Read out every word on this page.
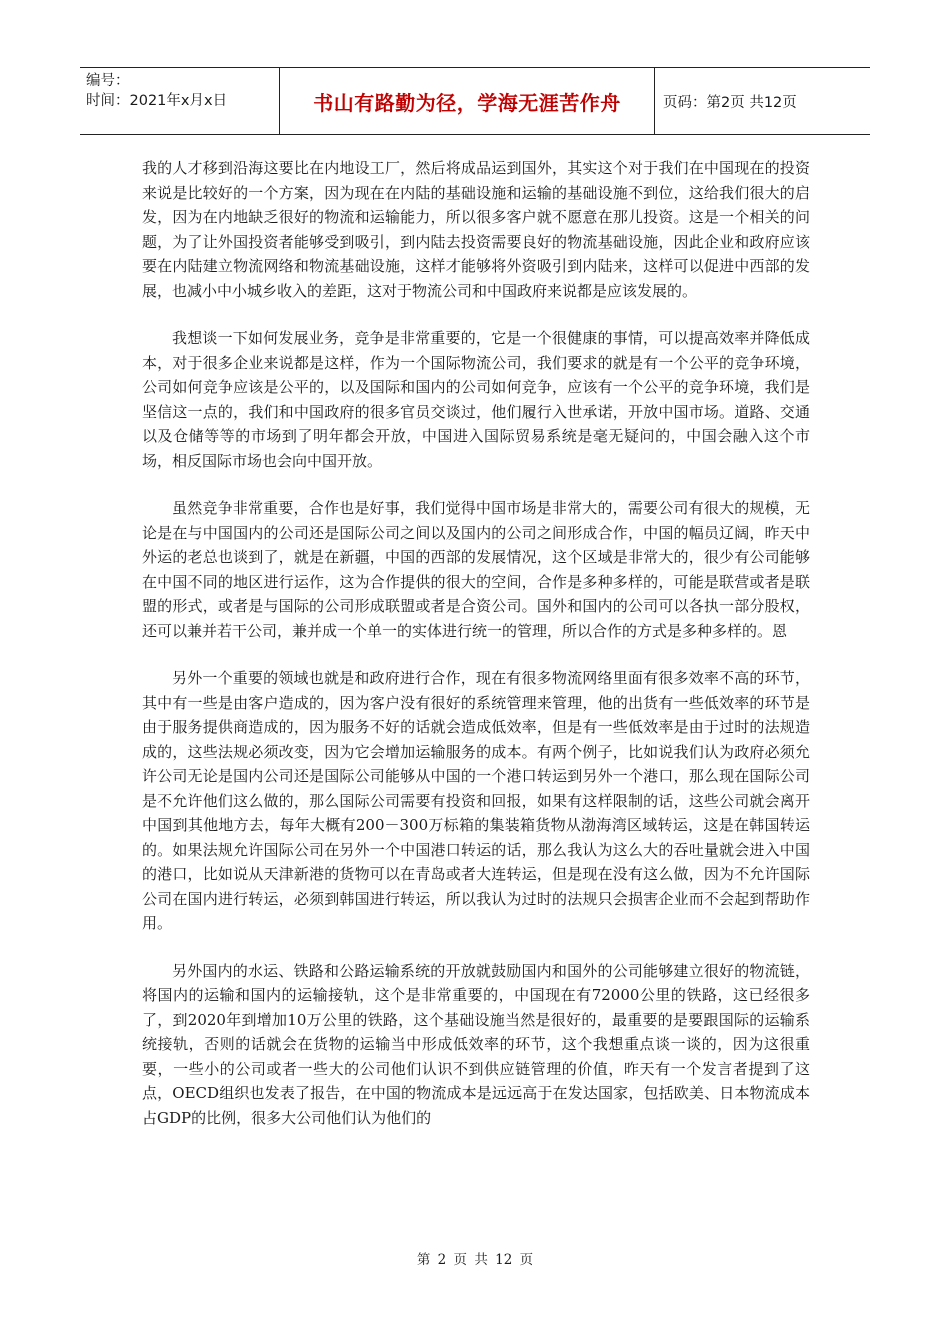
编号：
时间：2021年x月x日	书山有路勤为径，学海无涯苦作舟	页码：第2页 共12页

我的人才移到沿海这要比在内地设工厂，然后将成品运到国外，其实这个对于我们在中国现在的投资来说是比较好的一个方案，因为现在在内陆的基础设施和运输的基础设施不到位，这给我们很大的启发，因为在内地缺乏很好的物流和运输能力，所以很多客户就不愿意在那儿投资。这是一个相关的问题，为了让外国投资者能够受到吸引，到内陆去投资需要良好的物流基础设施，因此企业和政府应该要在内陆建立物流网络和物流基础设施，这样才能够将外资吸引到内陆来，这样可以促进中西部的发展，也减小中小城乡收入的差距，这对于物流公司和中国政府来说都是应该发展的。

我想谈一下如何发展业务，竞争是非常重要的，它是一个很健康的事情，可以提高效率并降低成本，对于很多企业来说都是这样，作为一个国际物流公司，我们要求的就是有一个公平的竞争环境，公司如何竞争应该是公平的，以及国际和国内的公司如何竞争，应该有一个公平的竞争环境，我们是坚信这一点的，我们和中国政府的很多官员交谈过，他们履行入世承诺，开放中国市场。道路、交通以及仓储等等的市场到了明年都会开放，中国进入国际贸易系统是毫无疑问的，中国会融入这个市场，相反国际市场也会向中国开放。

虽然竞争非常重要，合作也是好事，我们觉得中国市场是非常大的，需要公司有很大的规模，无论是在与中国国内的公司还是国际公司之间以及国内的公司之间形成合作，中国的幅员辽阔，昨天中外运的老总也谈到了，就是在新疆，中国的西部的发展情况，这个区域是非常大的，很少有公司能够在中国不同的地区进行运作，这为合作提供的很大的空间，合作是多种多样的，可能是联营或者是联盟的形式，或者是与国际的公司形成联盟或者是合资公司。国外和国内的公司可以各执一部分股权，还可以兼并若干公司，兼并成一个单一的实体进行统一的管理，所以合作的方式是多种多样的。恩

另外一个重要的领域也就是和政府进行合作，现在有很多物流网络里面有很多效率不高的环节，其中有一些是由客户造成的，因为客户没有很好的系统管理来管理，他的出货有一些低效率的环节是由于服务提供商造成的，因为服务不好的话就会造成低效率，但是有一些低效率是由于过时的法规造成的，这些法规必须改变，因为它会增加运输服务的成本。有两个例子，比如说我们认为政府必须允许公司无论是国内公司还是国际公司能够从中国的一个港口转运到另外一个港口，那么现在国际公司是不允许他们这么做的，那么国际公司需要有投资和回报，如果有这样限制的话，这些公司就会离开中国到其他地方去，每年大概有200－300万标箱的集装箱货物从渤海湾区域转运，这是在韩国转运的。如果法规允许国际公司在另外一个中国港口转运的话，那么我认为这么大的吞吐量就会进入中国的港口，比如说从天津新港的货物可以在青岛或者大连转运，但是现在没有这么做，因为不允许国际公司在国内进行转运，必须到韩国进行转运，所以我认为过时的法规只会损害企业而不会起到帮助作用。

另外国内的水运、铁路和公路运输系统的开放就鼓励国内和国外的公司能够建立很好的物流链，将国内的运输和国内的运输接轨，这个是非常重要的，中国现在有72000公里的铁路，这已经很多了，到2020年到增加10万公里的铁路，这个基础设施当然是很好的，最重要的是要跟国际的运输系统接轨，否则的话就会在货物的运输当中形成低效率的环节，这个我想重点谈一谈的，因为这很重要，一些小的公司或者一些大的公司他们认识不到供应链管理的价值，昨天有一个发言者提到了这点，OECD组织也发表了报告，在中国的物流成本是远远高于在发达国家，包括欧美、日本物流成本占GDP的比例，很多大公司他们认为他们的

第 2 页 共 12 页
